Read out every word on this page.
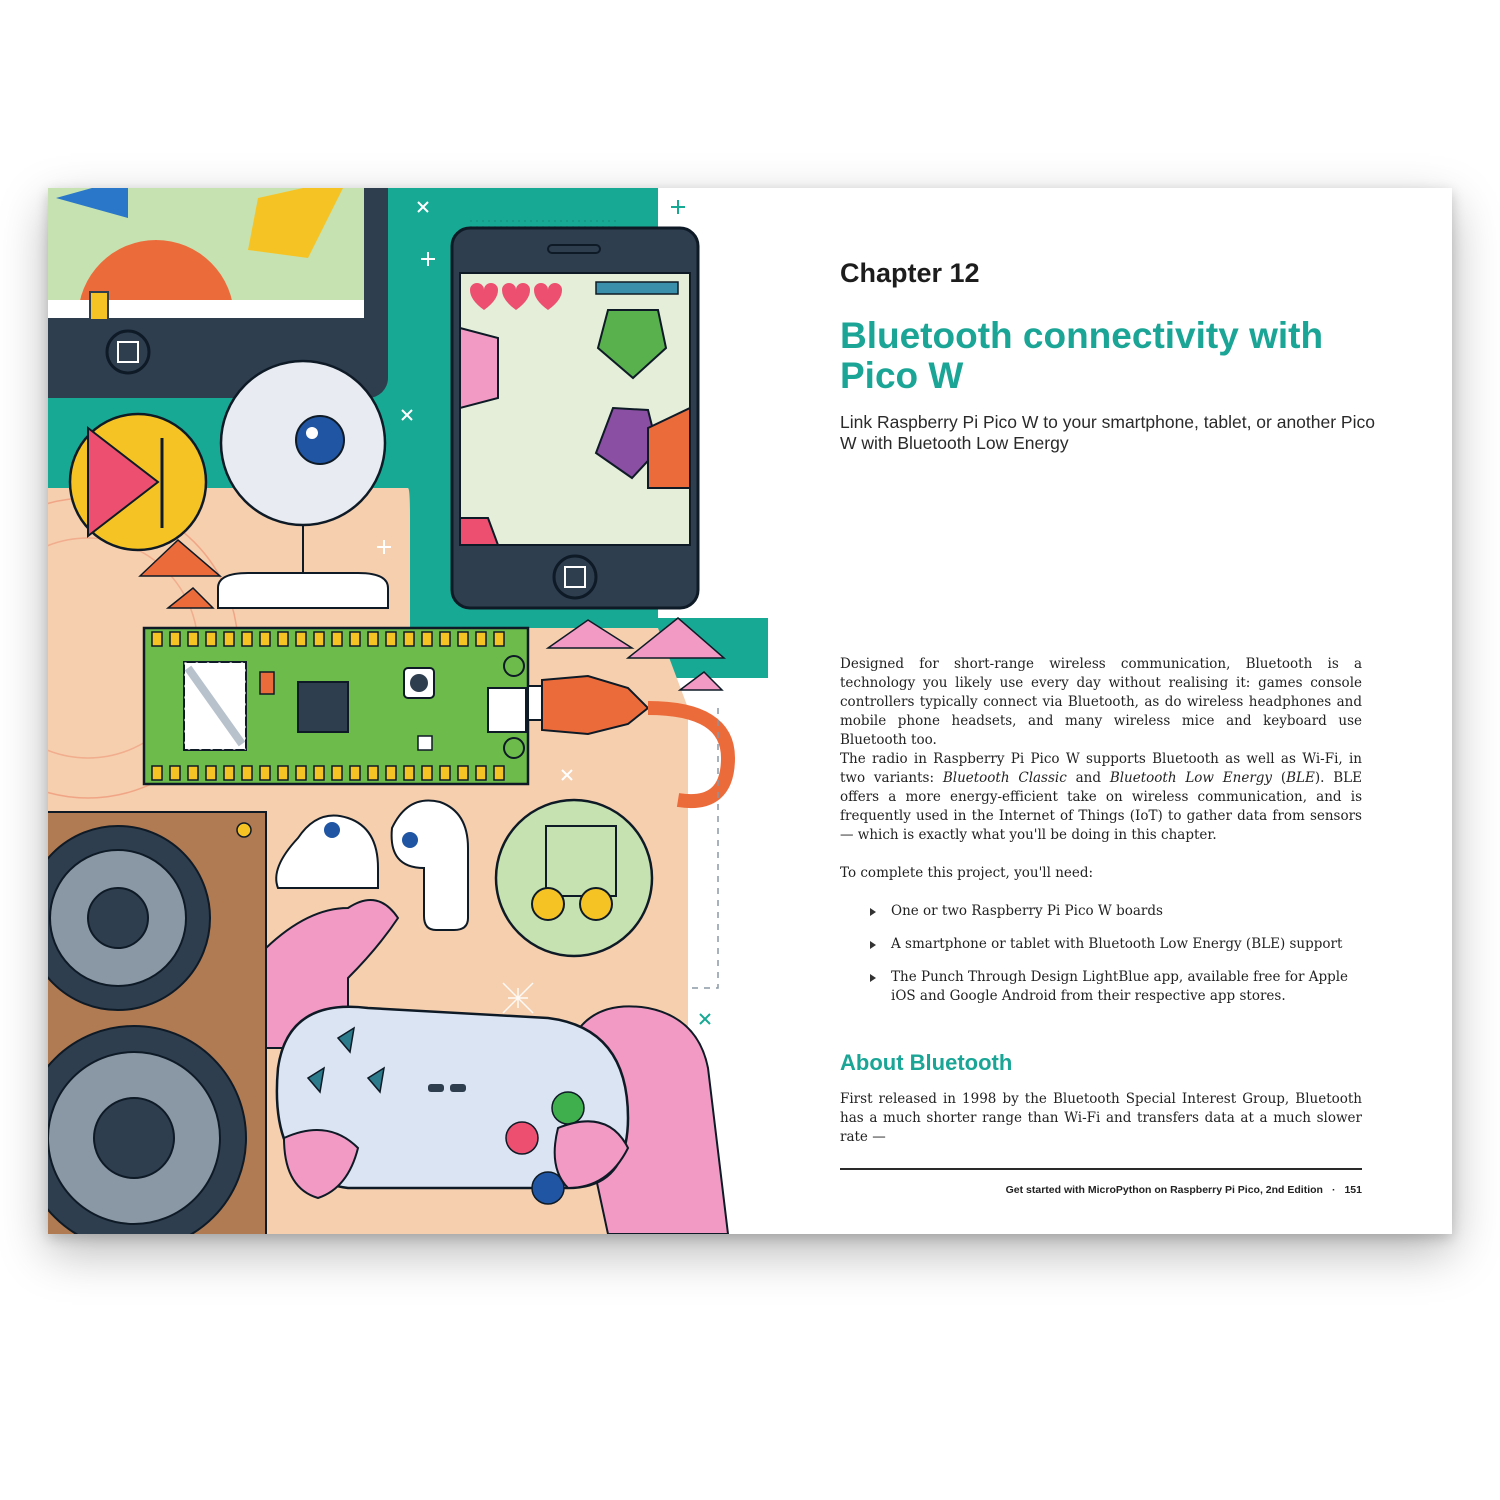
Chapter 12
Bluetooth connectivity with Pico W

Link Raspberry Pi Pico W to your smartphone, tablet, or another Pico W with Bluetooth Low Energy

Designed for short-range wireless communication, Bluetooth is a technology you likely use every day without realising it: games console controllers typically connect via Bluetooth, as do wireless headphones and mobile phone headsets, and many wireless mice and keyboard use Bluetooth too.

The radio in Raspberry Pi Pico W supports Bluetooth as well as Wi-Fi, in two variants: Bluetooth Classic and Bluetooth Low Energy (BLE). BLE offers a more energy-efficient take on wireless communication, and is frequently used in the Internet of Things (IoT) to gather data from sensors — which is exactly what you'll be doing in this chapter.

To complete this project, you'll need:

One or two Raspberry Pi Pico W boards
A smartphone or tablet with Bluetooth Low Energy (BLE) support
The Punch Through Design LightBlue app, available free for Apple iOS and Google Android from their respective app stores.
About Bluetooth

First released in 1998 by the Bluetooth Special Interest Group, Bluetooth has a much shorter range than Wi-Fi and transfers data at a much slower rate —

Get started with MicroPython on Raspberry Pi Pico, 2nd Edition · 151
